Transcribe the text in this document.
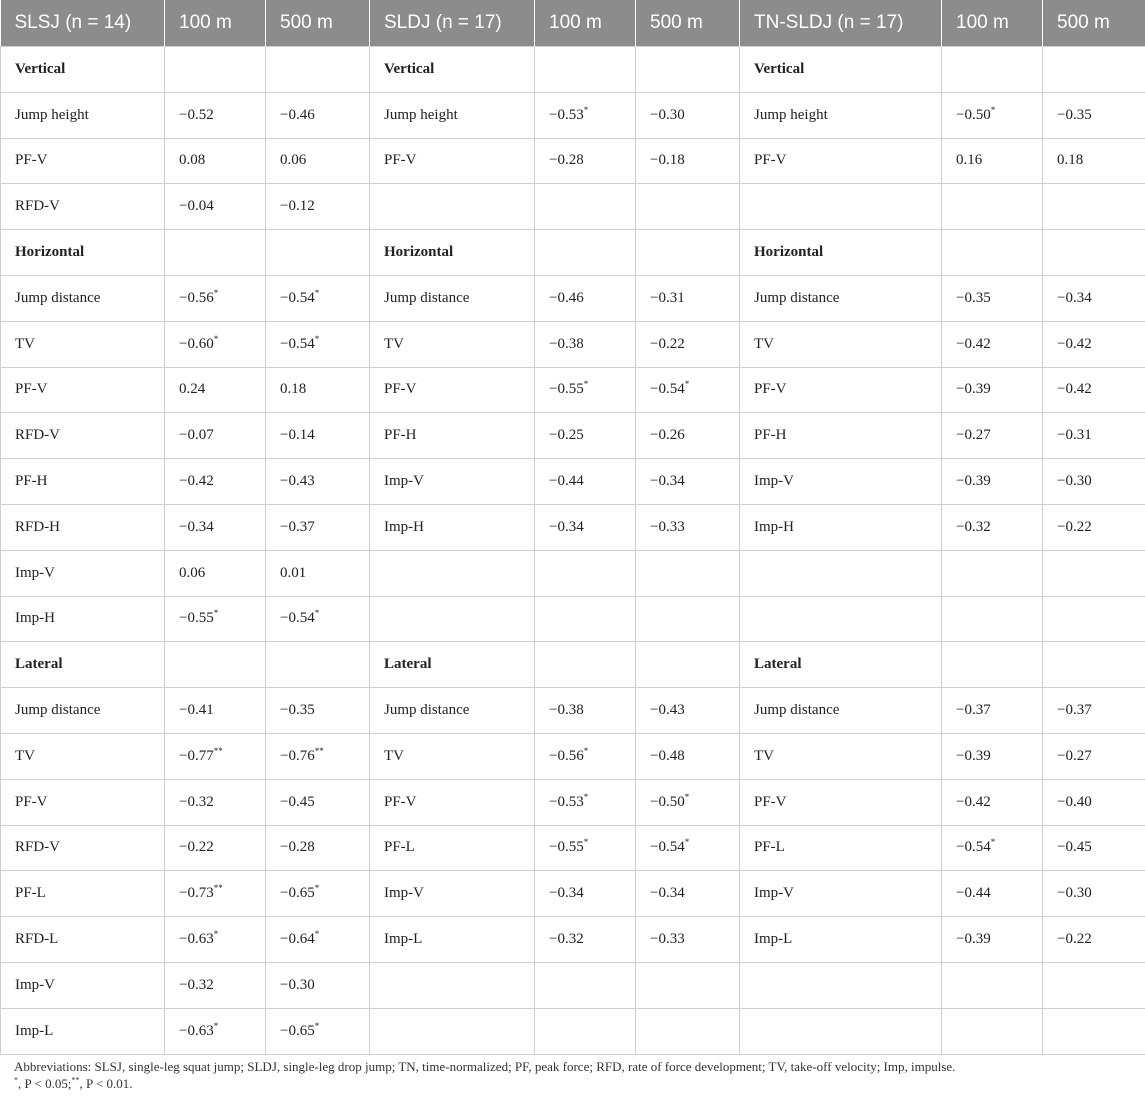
SLSJ (n = 14)	100 m	500 m	SLDJ (n = 17)	100 m	500 m	TN-SLDJ (n = 17)	100 m	500 m
Vertical			Vertical			Vertical		
Jump height	−0.52	−0.46	Jump height	−0.53*	−0.30	Jump height	−0.50*	−0.35
PF-V	0.08	0.06	PF-V	−0.28	−0.18	PF-V	0.16	0.18
RFD-V	−0.04	−0.12						
Horizontal			Horizontal			Horizontal		
Jump distance	−0.56*	−0.54*	Jump distance	−0.46	−0.31	Jump distance	−0.35	−0.34
TV	−0.60*	−0.54*	TV	−0.38	−0.22	TV	−0.42	−0.42
PF-V	0.24	0.18	PF-V	−0.55*	−0.54*	PF-V	−0.39	−0.42
RFD-V	−0.07	−0.14	PF-H	−0.25	−0.26	PF-H	−0.27	−0.31
PF-H	−0.42	−0.43	Imp-V	−0.44	−0.34	Imp-V	−0.39	−0.30
RFD-H	−0.34	−0.37	Imp-H	−0.34	−0.33	Imp-H	−0.32	−0.22
Imp-V	0.06	0.01						
Imp-H	−0.55*	−0.54*						
Lateral			Lateral			Lateral		
Jump distance	−0.41	−0.35	Jump distance	−0.38	−0.43	Jump distance	−0.37	−0.37
TV	−0.77**	−0.76**	TV	−0.56*	−0.48	TV	−0.39	−0.27
PF-V	−0.32	−0.45	PF-V	−0.53*	−0.50*	PF-V	−0.42	−0.40
RFD-V	−0.22	−0.28	PF-L	−0.55*	−0.54*	PF-L	−0.54*	−0.45
PF-L	−0.73**	−0.65*	Imp-V	−0.34	−0.34	Imp-V	−0.44	−0.30
RFD-L	−0.63*	−0.64*	Imp-L	−0.32	−0.33	Imp-L	−0.39	−0.22
Imp-V	−0.32	−0.30						
Imp-L	−0.63*	−0.65*						
Abbreviations: SLSJ, single-leg squat jump; SLDJ, single-leg drop jump; TN, time-normalized; PF, peak force; RFD, rate of force development; TV, take-off velocity; Imp, impulse.
*, P < 0.05;**, P < 0.01.
